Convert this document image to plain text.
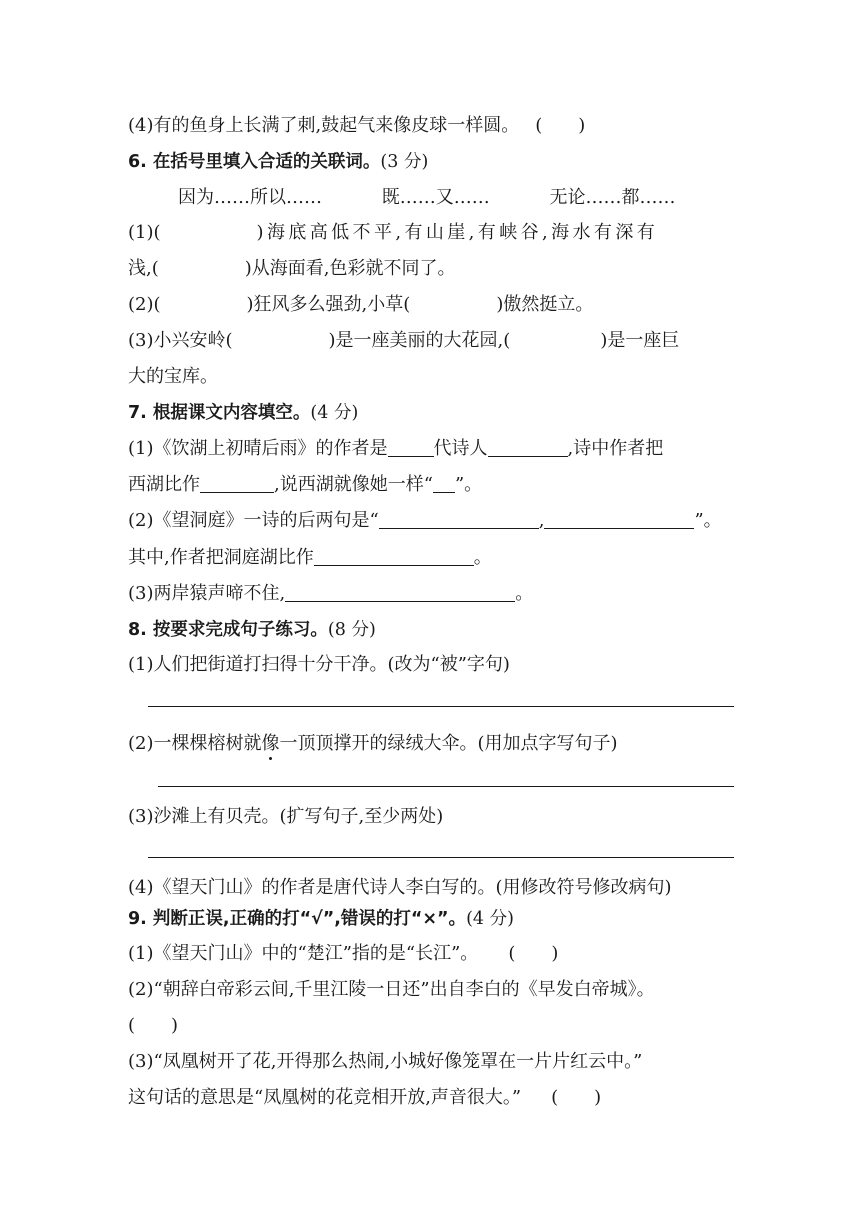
(4)有的鱼身上长满了刺,鼓起气来像皮球一样圆。 (　　)
6. 在括号里填入合适的关联词。(3 分)
因为……所以……	既……又……	无论……都……
(1)(	)海底高低不平,有山崖,有峡谷,海水有深有
浅,(	)从海面看,色彩就不同了。
(2)(	)狂风多么强劲,小草(	)傲然挺立。
(3)小兴安岭(	)是一座美丽的大花园,(	)是一座巨
大的宝库。
7. 根据课文内容填空。(4 分)
(1)《饮湖上初晴后雨》的作者是	代诗人	,诗中作者把
西湖比作	,说西湖就像她一样“ ”。
(2)《望洞庭》一诗的后两句是“	,	”。
其中,作者把洞庭湖比作	。
(3)两岸猿声啼不住,	。
8. 按要求完成句子练习。(8 分)
(1)人们把街道打扫得十分干净。(改为“被”字句)
(2)一棵棵榕树就像一顶顶撑开的绿绒大伞。(用加点字写句子)
(3)沙滩上有贝壳。(扩写句子,至少两处)
(4)《望天门山》的作者是唐代诗人李白写的。(用修改符号修改病句)
9. 判断正误,正确的打“√”,错误的打“×”。(4 分)
(1)《望天门山》中的“楚江”指的是“长江”。 (　　)
(2)“朝辞白帝彩云间,千里江陵一日还”出自李白的《早发白帝城》。
(　　)
(3)“凤凰树开了花,开得那么热闹,小城好像笼罩在一片片红云中。”
这句话的意思是“凤凰树的花竞相开放,声音很大。” (　　)
